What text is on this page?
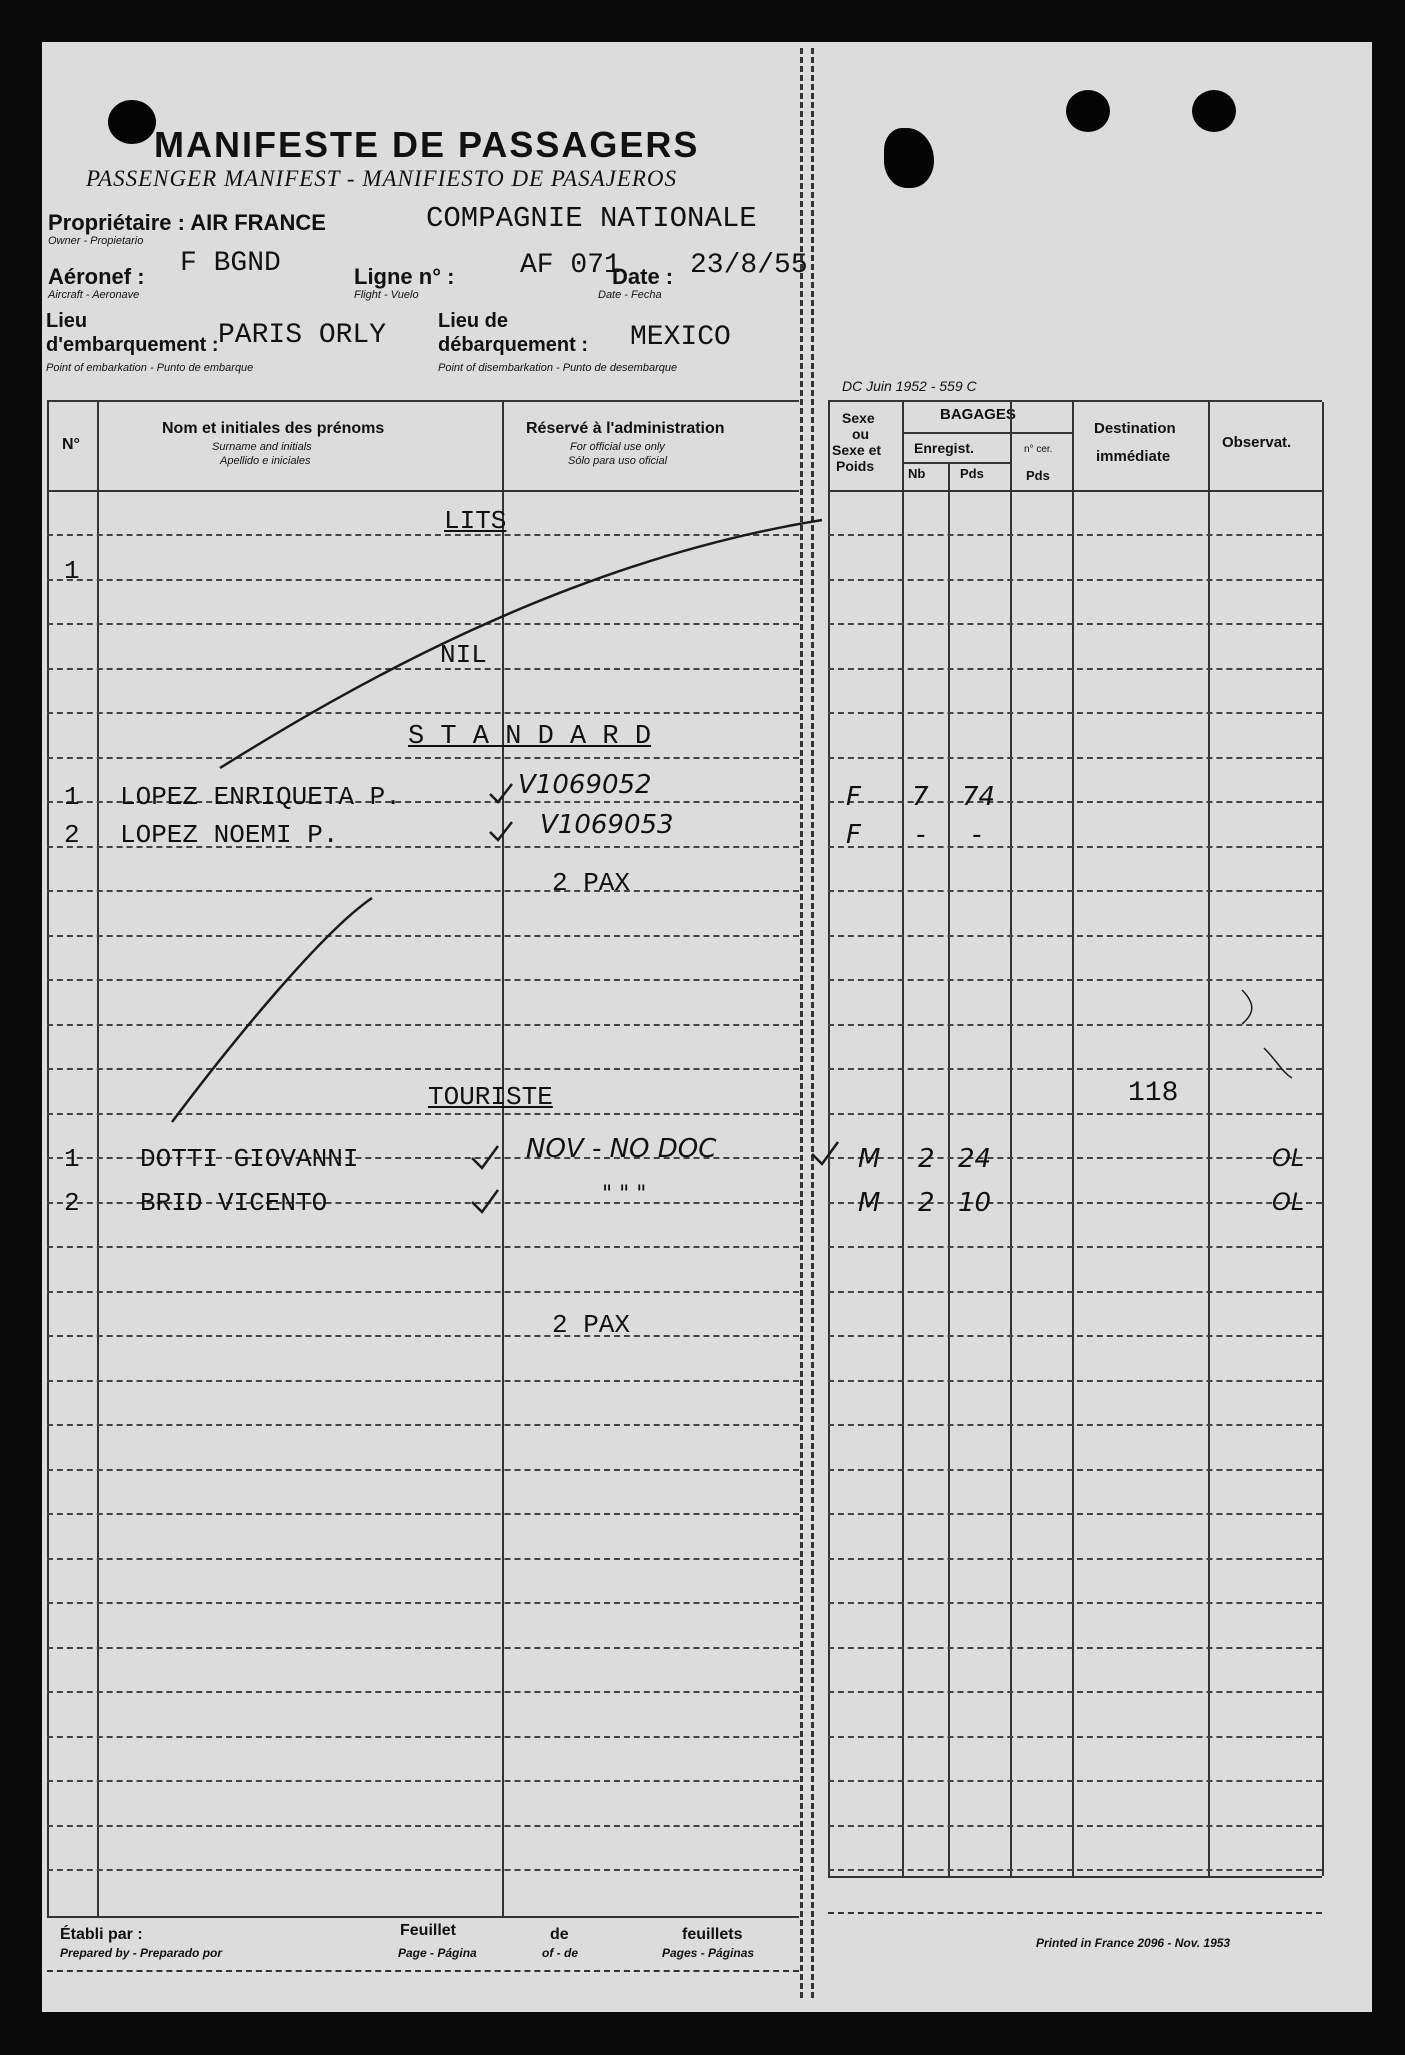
MANIFESTE DE PASSAGERS
PASSENGER MANIFEST - MANIFIESTO DE PASAJEROS
Propriétaire : AIR FRANCE	COMPAGNIE NATIONALE
Owner - Propietario
Aéronef : F BGND
Aircraft - Aeronave
Ligne n° : AF 071
Flight - Vuelo
Date : 23/8/55
Date - Fecha
Lieu
d'embarquement : PARIS ORLY
Point of embarkation - Punto de embarque
Lieu de
débarquement : MEXICO
Point of disembarkation - Punto de desembarque
DC Juin 1952 - 559 C
N°
Nom et initiales des prénoms
Surname and initials
Apellido e iniciales
Réservé à l'administration
For official use only
Sólo para uso oficial
Sexe
ou
Sexe et
Poids
BAGAGES
Enregist.
Nb	Pds
n° cer.
Pds
Destination
immédiate
Observat.
LITS
1
NIL
S T A N D A R D
1 LOPEZ ENRIQUETA P.	V1069052	F 7 74
2 LOPEZ NOEMI P.	V1069053	F - -
2 PAX
TOURISTE	118
1 DOTTI GIOVANNI	NOV - NO DOC	M 2 24	OL
2 BRID VICENTO	" " "	M 2 10	OL
2 PAX
Établi par :
Prepared by - Preparado por
Feuillet	de	feuillets
Page - Página	of - de	Pages - Páginas
Printed in France 2096 - Nov. 1953
